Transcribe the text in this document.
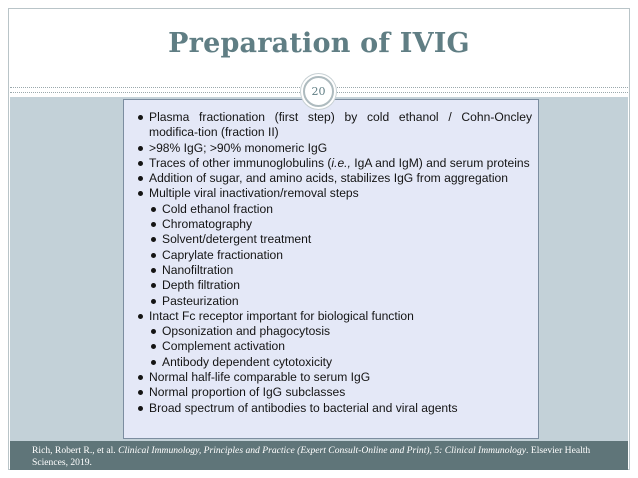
Preparation of IVIG
Plasma fractionation (first step) by cold ethanol / Cohn-Oncley modifica-tion (fraction II)
>98% IgG; >90% monomeric IgG
Traces of other immunoglobulins (i.e., IgA and IgM) and serum proteins
Addition of sugar, and amino acids, stabilizes IgG from aggregation
Multiple viral inactivation/removal steps
Cold ethanol fraction
Chromatography
Solvent/detergent treatment
Caprylate fractionation
Nanofiltration
Depth filtration
Pasteurization
Intact Fc receptor important for biological function
Opsonization and phagocytosis
Complement activation
Antibody dependent cytotoxicity
Normal half-life comparable to serum IgG
Normal proportion of IgG subclasses
Broad spectrum of antibodies to bacterial and viral agents
20
Rich, Robert R., et al. Clinical Immunology, Principles and Practice (Expert Consult-Online and Print), 5: Clinical Immunology. Elsevier Health Sciences, 2019.
